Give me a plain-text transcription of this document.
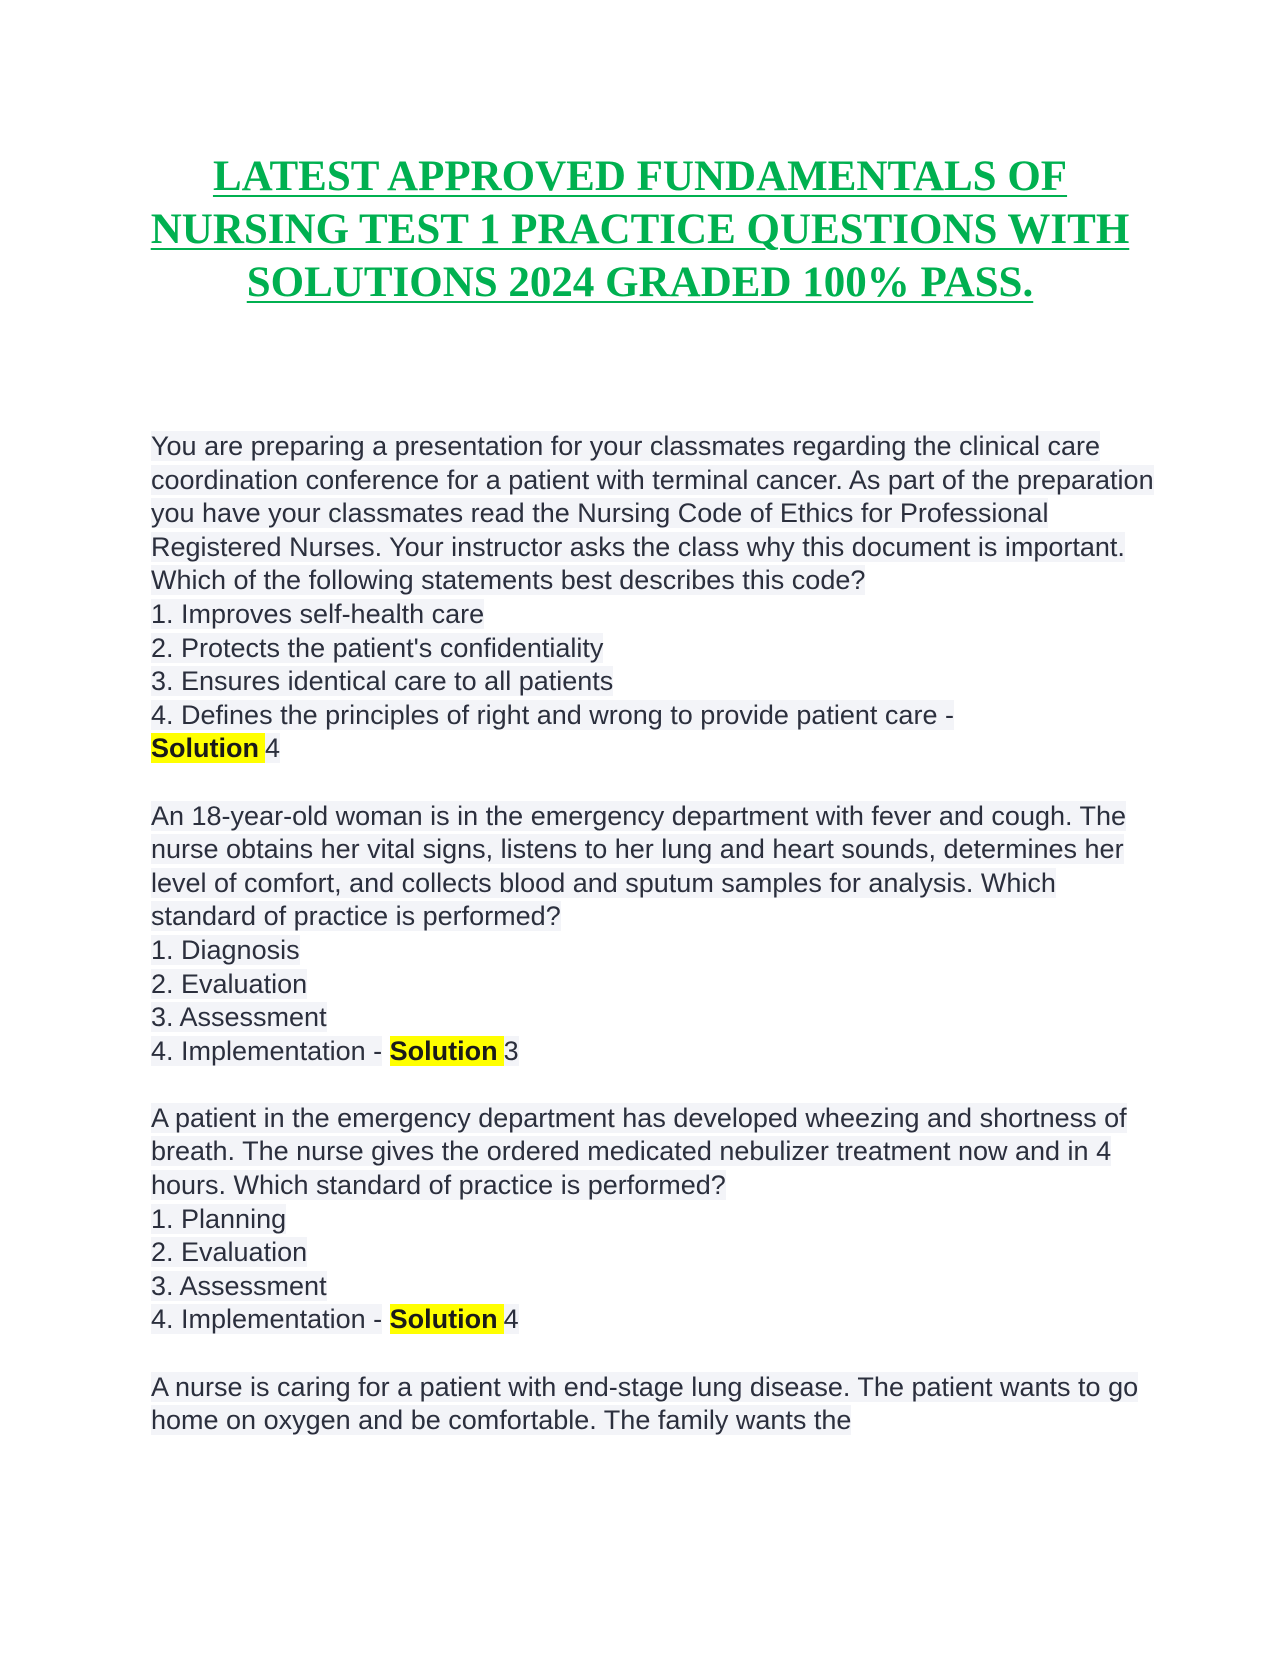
LATEST APPROVED FUNDAMENTALS OF NURSING TEST 1 PRACTICE QUESTIONS WITH SOLUTIONS 2024 GRADED 100% PASS.
You are preparing a presentation for your classmates regarding the clinical care coordination conference for a patient with terminal cancer. As part of the preparation you have your classmates read the Nursing Code of Ethics for Professional Registered Nurses. Your instructor asks the class why this document is important. Which of the following statements best describes this code?
1. Improves self-health care
2. Protects the patient's confidentiality
3. Ensures identical care to all patients
4. Defines the principles of right and wrong to provide patient care -
Solution 4
An 18-year-old woman is in the emergency department with fever and cough. The nurse obtains her vital signs, listens to her lung and heart sounds, determines her level of comfort, and collects blood and sputum samples for analysis. Which standard of practice is performed?
1. Diagnosis
2. Evaluation
3. Assessment
4. Implementation - Solution 3
A patient in the emergency department has developed wheezing and shortness of breath. The nurse gives the ordered medicated nebulizer treatment now and in 4 hours. Which standard of practice is performed?
1. Planning
2. Evaluation
3. Assessment
4. Implementation - Solution 4
A nurse is caring for a patient with end-stage lung disease. The patient wants to go home on oxygen and be comfortable. The family wants the
